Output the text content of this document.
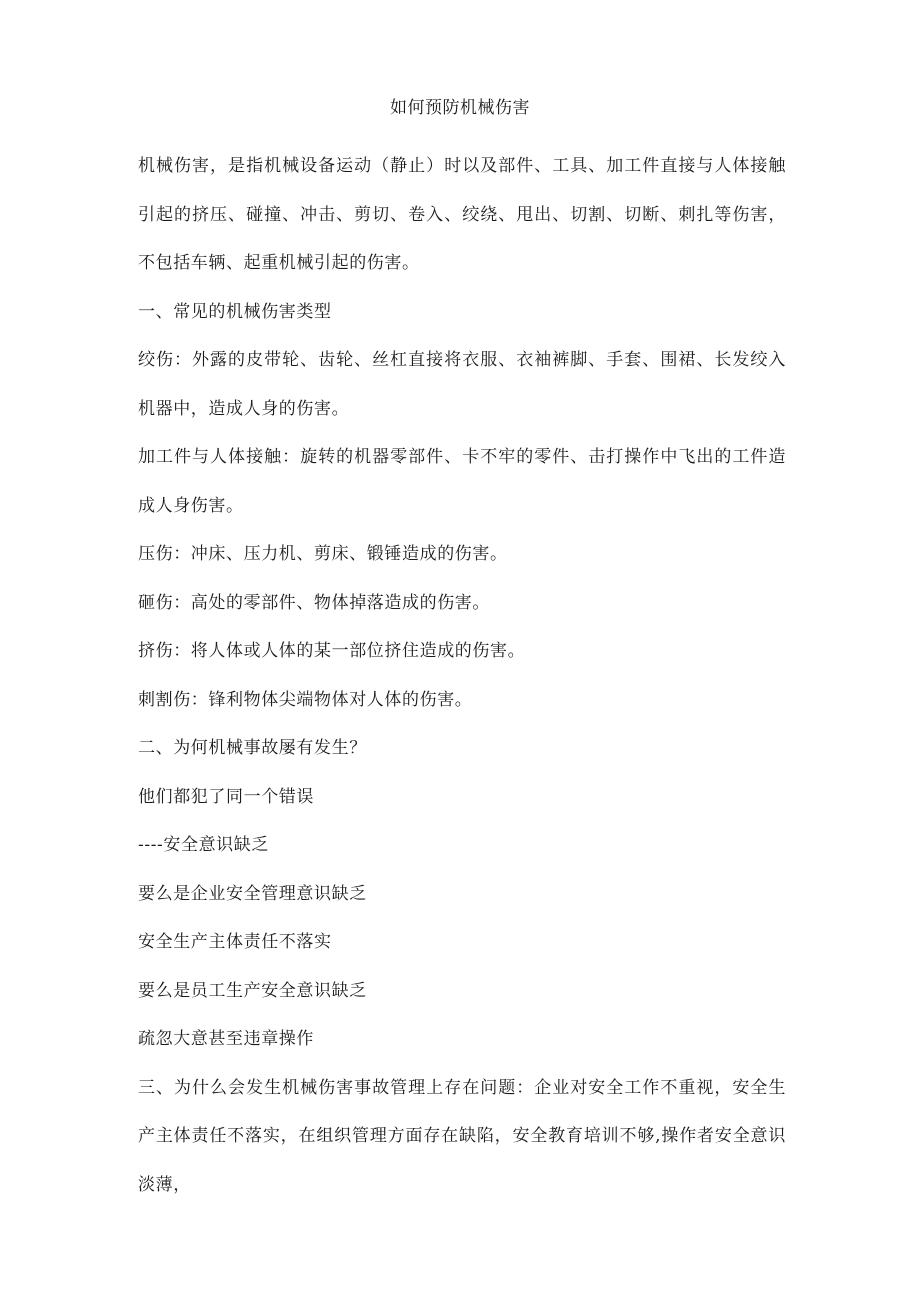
如何预防机械伤害

机械伤害，是指机械设备运动（静止）时以及部件、工具、加工件直接与人体接触引起的挤压、碰撞、冲击、剪切、卷入、绞绕、甩出、切割、切断、刺扎等伤害，不包括车辆、起重机械引起的伤害。

一、常见的机械伤害类型

绞伤：外露的皮带轮、齿轮、丝杠直接将衣服、衣袖裤脚、手套、围裙、长发绞入机器中，造成人身的伤害。

加工件与人体接触：旋转的机器零部件、卡不牢的零件、击打操作中飞出的工件造成人身伤害。

压伤：冲床、压力机、剪床、锻锤造成的伤害。

砸伤：高处的零部件、物体掉落造成的伤害。

挤伤：将人体或人体的某一部位挤住造成的伤害。

刺割伤：锋利物体尖端物体对人体的伤害。

二、为何机械事故屡有发生？

他们都犯了同一个错误

----安全意识缺乏

要么是企业安全管理意识缺乏

安全生产主体责任不落实

要么是员工生产安全意识缺乏

疏忽大意甚至违章操作

三、为什么会发生机械伤害事故管理上存在问题：企业对安全工作不重视，安全生产主体责任不落实，在组织管理方面存在缺陷，安全教育培训不够,操作者安全意识淡薄，
